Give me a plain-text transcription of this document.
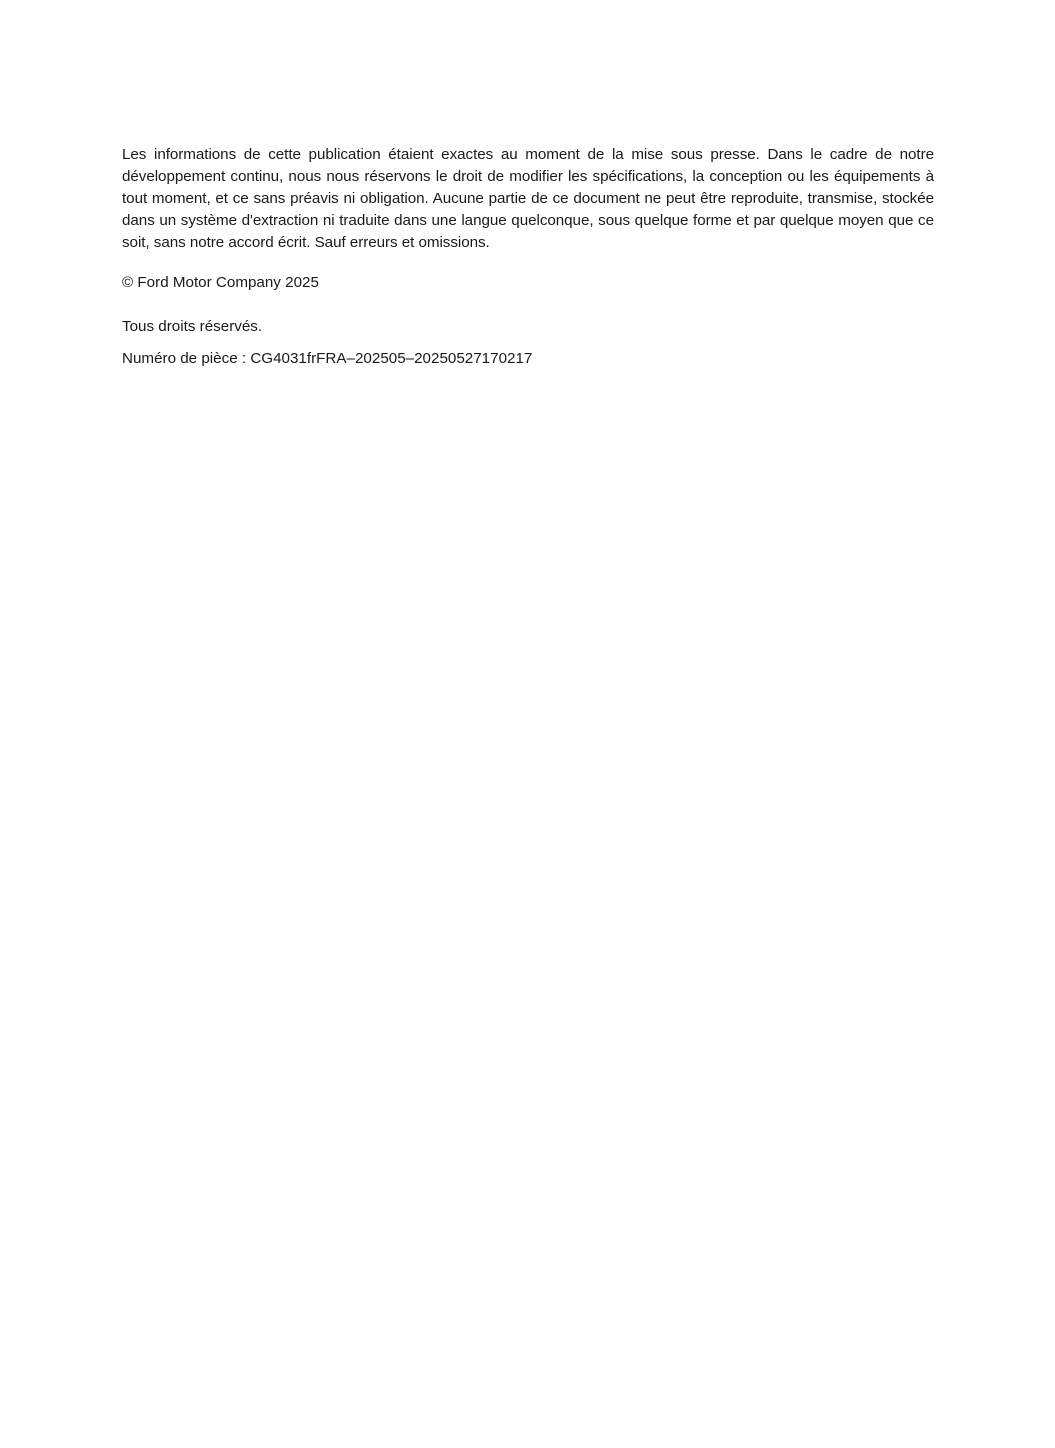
Les informations de cette publication étaient exactes au moment de la mise sous presse. Dans le cadre de notre développement continu, nous nous réservons le droit de modifier les spécifications, la conception ou les équipements à tout moment, et ce sans préavis ni obligation. Aucune partie de ce document ne peut être reproduite, transmise, stockée dans un système d'extraction ni traduite dans une langue quelconque, sous quelque forme et par quelque moyen que ce soit, sans notre accord écrit. Sauf erreurs et omissions.

© Ford Motor Company 2025

Tous droits réservés.

Numéro de pièce : CG4031frFRA–202505–20250527170217
